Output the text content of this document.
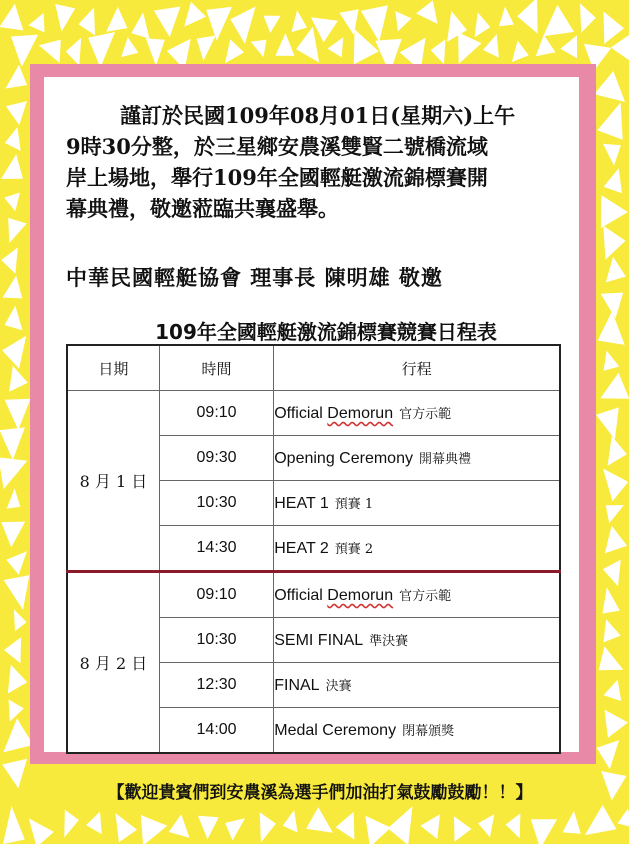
謹訂於民國109年08月01日(星期六)上午
9時30分整，於三星鄉安農溪雙賢二號橋流域
岸上場地，舉行109年全國輕艇激流錦標賽開
幕典禮，敬邀蒞臨共襄盛舉。
中華民國輕艇協會 理事長 陳明雄 敬邀
109年全國輕艇激流錦標賽競賽日程表
日期	時間	行程
8 月 1 日	09:10	Official Demorun 官方示範
	09:30	Opening Ceremony 開幕典禮
	10:30	HEAT 1 預賽 1
	14:30	HEAT 2 預賽 2
8 月 2 日	09:10	Official Demorun 官方示範
	10:30	SEMI FINAL 準決賽
	12:30	FINAL 決賽
	14:00	Medal Ceremony 閉幕頒獎
【歡迎貴賓們到安農溪為選手們加油打氣鼓勵鼓勵！！】
